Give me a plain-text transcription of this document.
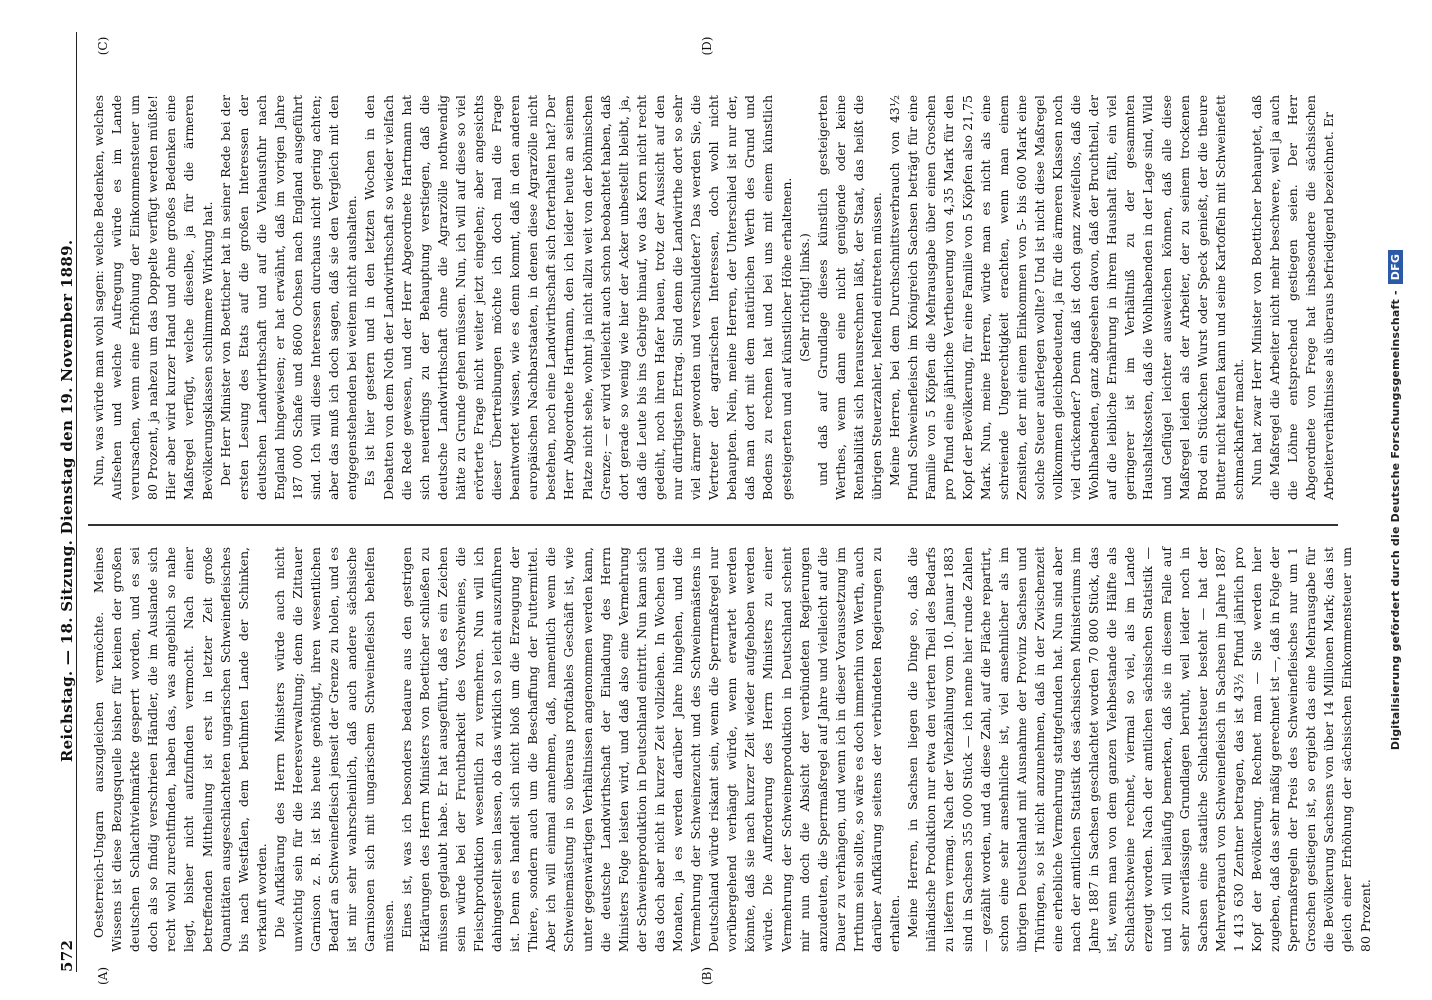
572
Reichstag. — 18. Sitzung. Dienstag den 19. November 1889.
(A)	(B)
(C)	(D)

Oesterreich-Ungarn auszugleichen vermöchte. Meines Wissens ist diese Bezugsquelle bisher für keinen der großen deutschen Schlachtviehmärkte gesperrt worden, und es sei doch als so findig verschrieen Händler, die im Auslande sich recht wohl zurechtfinden, haben das, was angeblich so nahe liegt, bisher nicht aufzufinden vermocht. Nach einer betreffenden Mittheilung ist erst in letzter Zeit große Quantitäten ausgeschlachteten ungarischen Schweinefleisches bis nach Westfalen, dem berühmten Lande der Schinken, verkauft worden. Die Aufklärung des Herrn Ministers würde auch nicht unwichtig sein für die Heeresverwaltung; denn die Zittauer Garnison z. B. ist bis heute genöthigt, ihren wesentlichen Bedarf an Schweinefleisch jenseit der Grenze zu holen, und es ist mir sehr wahrscheinlich, daß auch andere sächsische Garnisonen sich mit ungarischem Schweinefleisch behelfen müssen. Eines ist, was ich besonders bedaure aus den gestrigen Erklärungen des Herrn Ministers von Boetticher schließen zu müssen geglaubt habe. Er hat ausgeführt, daß es ein Zeichen sein würde bei der Fruchtbarkeit des Vorschweines, die Fleischproduktion wesentlich zu vermehren. Nun will ich dahingestellt sein lassen, ob das wirklich so leicht auszuführen ist. Denn es handelt sich nicht bloß um die Erzeugung der Thiere, sondern auch um die Beschaffung der Futtermittel. Aber ich will einmal annehmen, daß, namentlich wenn die Schweinemästung in so überaus profitables Geschäft ist, wie unter gegenwärtigen Verhältnissen angenommen werden kann, die deutsche Landwirthschaft der Einladung des Herrn Ministers Folge leisten wird, und daß also eine Vermehrung der Schweineproduktion in Deutschland eintritt. Nun kann sich das doch aber nicht in kurzer Zeit vollziehen. In Wochen und Monaten, ja es werden darüber Jahre hingehen, und die Vermehrung der Schweinezucht und des Schweinemästens in Deutschland würde riskant sein, wenn die Sperrmaßregel nur vorübergehend verhängt würde, wenn erwartet werden könnte, daß sie nach kurzer Zeit wieder aufgehoben werden würde. Die Aufforderung des Herrn Ministers zu einer Vermehrung der Schweineproduktion in Deutschland scheint mir nun doch die Absicht der verbündeten Regierungen anzudeuten, die Sperrmaßregel auf Jahre und vielleicht auf die Dauer zu verhängen, und wenn ich in dieser Voraussetzung im Irrthum sein sollte, so wäre es doch immerhin von Werth, auch darüber Aufklärung seitens der verbündeten Regierungen zu erhalten. Meine Herren, in Sachsen liegen die Dinge so, daß die inländische Produktion nur etwa den vierten Theil des Bedarfs zu liefern vermag. Nach der Viehzählung vom 10. Januar 1883 sind in Sachsen 355 000 Stück — ich nenne hier runde Zahlen — gezählt worden, und da diese Zahl, auf die Fläche repartirt, schon eine sehr ansehnliche ist, viel ansehnlicher als im übrigen Deutschland mit Ausnahme der Provinz Sachsen und Thüringen, so ist nicht anzunehmen, daß in der Zwischenzeit eine erhebliche Vermehrung stattgefunden hat. Nun sind aber nach der amtlichen Statistik des sächsischen Ministeriums im Jahre 1887 in Sachsen geschlachtet worden 70 800 Stück, das ist, wenn man von dem ganzen Viehbestande die Hälfte als Schlachtschweine rechnet, viermal so viel, als im Lande erzeugt worden. Nach der amtlichen sächsischen Statistik — und ich will beiläufig bemerken, daß sie in diesem Falle auf sehr zuverlässigen Grundlagen beruht, weil leider noch in Sachsen eine staatliche Schlachtsteuer besteht — hat der Mehrverbrauch von Schweinefleisch in Sachsen im Jahre 1887 1 413 630 Zentner betragen, das ist 43½ Pfund jährlich pro Kopf der Bevölkerung. Rechnet man — Sie werden hier zugeben, daß das sehr mäßig gerechnet ist —, daß in Folge der Sperrmaßregeln der Preis des Schweinefleisches nur um 1 Groschen gestiegen ist, so ergiebt das eine Mehrausgabe für die Bevölkerung Sachsens von über 14 Millionen Mark; das ist gleich einer Erhöhung der sächsischen Einkommensteuer um 80 Prozent.

Nun, was würde man wohl sagen: welche Bedenken, welches Aufsehen und welche Aufregung würde es im Lande verursachen, wenn eine Erhöhung der Einkommensteuer um 80 Prozent, ja nahezu um das Doppelte verfügt werden müßte! Hier aber wird kurzer Hand und ohne großes Bedenken eine Maßregel verfügt, welche dieselbe, ja für die ärmeren Bevölkerungsklassen schlimmere Wirkung hat. Der Herr Minister von Boetticher hat in seiner Rede bei der ersten Lesung des Etats auf die großen Interessen der deutschen Landwirthschaft und auf die Viehausfuhr nach England hingewiesen; er hat erwähnt, daß im vorigen Jahre 187 000 Schafe und 8600 Ochsen nach England ausgeführt sind. Ich will diese Interessen durchaus nicht gering achten; aber das muß ich doch sagen, daß sie den Vergleich mit den entgegenstehenden bei weitem nicht aushalten. Es ist hier gestern und in den letzten Wochen in den Debatten von dem Noth der Landwirthschaft so wieder vielfach die Rede gewesen, und der Herr Abgeordnete Hartmann hat sich neuerdings zu der Behauptung verstiegen, daß die deutsche Landwirthschaft ohne die Agrarzölle nothwendig hätte zu Grunde gehen müssen. Nun, ich will auf diese so viel erörterte Frage nicht weiter jetzt eingehen; aber angesichts dieser Übertreibungen möchte ich doch mal die Frage beantwortet wissen, wie es denn kommt, daß in den anderen europäischen Nachbarstaaten, in denen diese Agrarzölle nicht bestehen, noch eine Landwirthschaft sich forterhalten hat? Der Herr Abgeordnete Hartmann, den ich leider heute an seinem Platze nicht sehe, wohnt ja nicht allzu weit von der böhmischen Grenze; — er wird vielleicht auch schon beobachtet haben, daß dort gerade so wenig wie hier der Acker unbestellt bleibt, ja, daß die Leute bis ins Gebirge hinauf, wo das Korn nicht recht gedeiht, noch ihren Hafer bauen, trotz der Aussicht auf den nur dürftigsten Ertrag. Sind denn die Landwirthe dort so sehr viel ärmer geworden und verschuldeter? Das werden Sie, die Vertreter der agrarischen Interessen, doch wohl nicht behaupten. Nein, meine Herren, der Unterschied ist nur der, daß man dort mit dem natürlichen Werth des Grund und Bodens zu rechnen hat und bei uns mit einem künstlich gesteigerten und auf künstlicher Höhe erhaltenen. (Sehr richtig! links.) und daß auf Grundlage dieses künstlich gesteigerten Werthes, wenn dann eine nicht genügende oder keine Rentabilität sich herausrechnen läßt, der Staat, das heißt die übrigen Steuerzahler, helfend eintreten müssen. Meine Herren, bei dem Durchschnittsverbrauch von 43½ Pfund Schweinefleisch im Königreich Sachsen beträgt für eine Familie von 5 Köpfen die Mehrausgabe über einen Groschen pro Pfund eine jährliche Vertheuerung von 4,35 Mark für den Kopf der Bevölkerung, für eine Familie von 5 Köpfen also 21,75 Mark. Nun, meine Herren, würde man es nicht als eine schreiende Ungerechtigkeit erachten, wenn man einem Zensiten, der mit einem Einkommen von 5- bis 600 Mark eine solche Steuer auferlegen wollte? Und ist nicht diese Maßregel vollkommen gleichbedeutend, ja für die ärmeren Klassen noch viel drückender? Denn daß ist doch ganz zweifellos, daß die Wohlhabenden, ganz abgesehen davon, daß der Bruchtheil, der auf die leibliche Ernährung in ihrem Haushalt fällt, ein viel geringerer ist im Verhältniß zu der gesammten Haushaltskosten, daß die Wohlhabenden in der Lage sind, Wild und Geflügel leichter ausweichen können, daß alle diese Maßregel leiden als der Arbeiter, der zu seinem trockenen Brod ein Stückchen Wurst oder Speck genießt, der die theure Butter nicht kaufen kann und seine Kartoffeln mit Schweinefett schmackhafter macht. Nun hat zwar Herr Minister von Boetticher behauptet, daß die Maßregel die Arbeiter nicht mehr beschwere, weil ja auch die Löhne entsprechend gestiegen seien. Der Herr Abgeordnete von Frege hat insbesondere die sächsischen Arbeiterverhältnisse als überaus befriedigend bezeichnet. Er	Digitalisierung gefördert durch die Deutsche Forschungsgemeinschaft -DFG
